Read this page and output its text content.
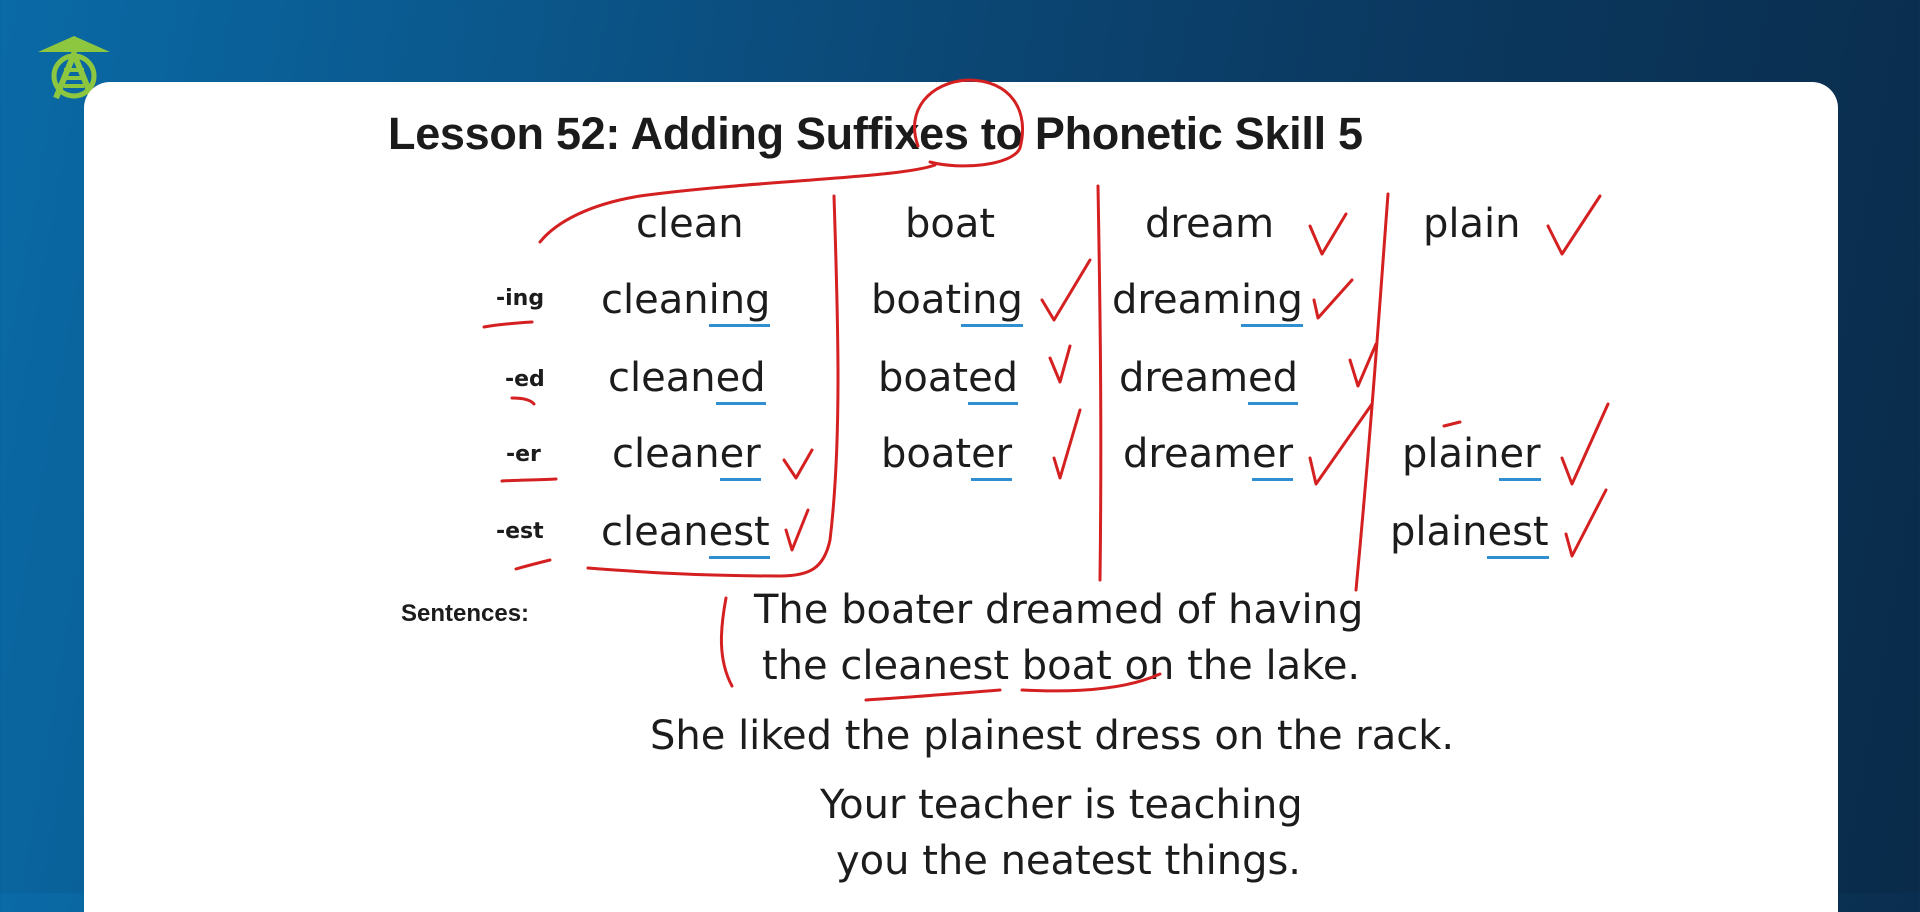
Lesson 52: Adding Suffixes to Phonetic Skill 5
-ing
-ed
-er
-est
clean
cleaning
cleaned
cleaner
cleanest
boat
boating
boated
boater
dream
dreaming
dreamed
dreamer
plain
plainer
plainest
Sentences:	The boater dreamed of having
the cleanest boat on the lake.
She liked the plainest dress on the rack.
Your teacher is teaching
you the neatest things.
